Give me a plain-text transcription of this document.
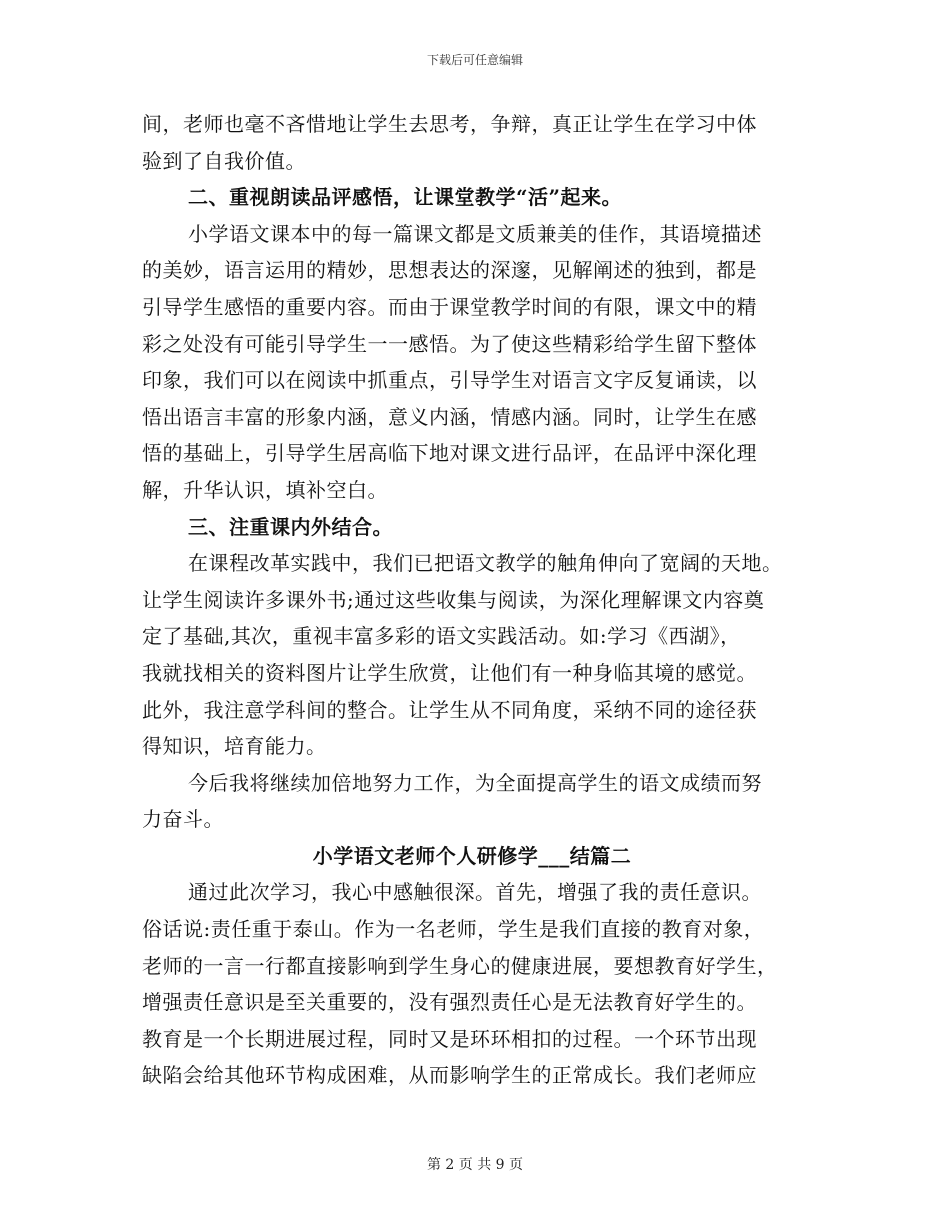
下载后可任意编辑
间，老师也毫不吝惜地让学生去思考，争辩，真正让学生在学习中体
验到了自我价值。
二、重视朗读品评感悟，让课堂教学“活”起来。
小学语文课本中的每一篇课文都是文质兼美的佳作，其语境描述
的美妙，语言运用的精妙，思想表达的深邃，见解阐述的独到，都是
引导学生感悟的重要内容。而由于课堂教学时间的有限，课文中的精
彩之处没有可能引导学生一一感悟。为了使这些精彩给学生留下整体
印象，我们可以在阅读中抓重点，引导学生对语言文字反复诵读，以
悟出语言丰富的形象内涵，意义内涵，情感内涵。同时，让学生在感
悟的基础上，引导学生居高临下地对课文进行品评，在品评中深化理
解，升华认识，填补空白。
三、注重课内外结合。
在课程改革实践中，我们已把语文教学的触角伸向了宽阔的天地。
让学生阅读许多课外书;通过这些收集与阅读，为深化理解课文内容奠
定了基础,其次，重视丰富多彩的语文实践活动。如:学习《西湖》，
我就找相关的资料图片让学生欣赏，让他们有一种身临其境的感觉。
此外，我注意学科间的整合。让学生从不同角度，采纳不同的途径获
得知识，培育能力。
今后我将继续加倍地努力工作，为全面提高学生的语文成绩而努
力奋斗。
小学语文老师个人研修学___结篇二
通过此次学习，我心中感触很深。首先，增强了我的责任意识。
俗话说:责任重于泰山。作为一名老师，学生是我们直接的教育对象，
老师的一言一行都直接影响到学生身心的健康进展，要想教育好学生，
增强责任意识是至关重要的，没有强烈责任心是无法教育好学生的。
教育是一个长期进展过程，同时又是环环相扣的过程。一个环节出现
缺陷会给其他环节构成困难，从而影响学生的正常成长。我们老师应
第 2 页 共 9 页
